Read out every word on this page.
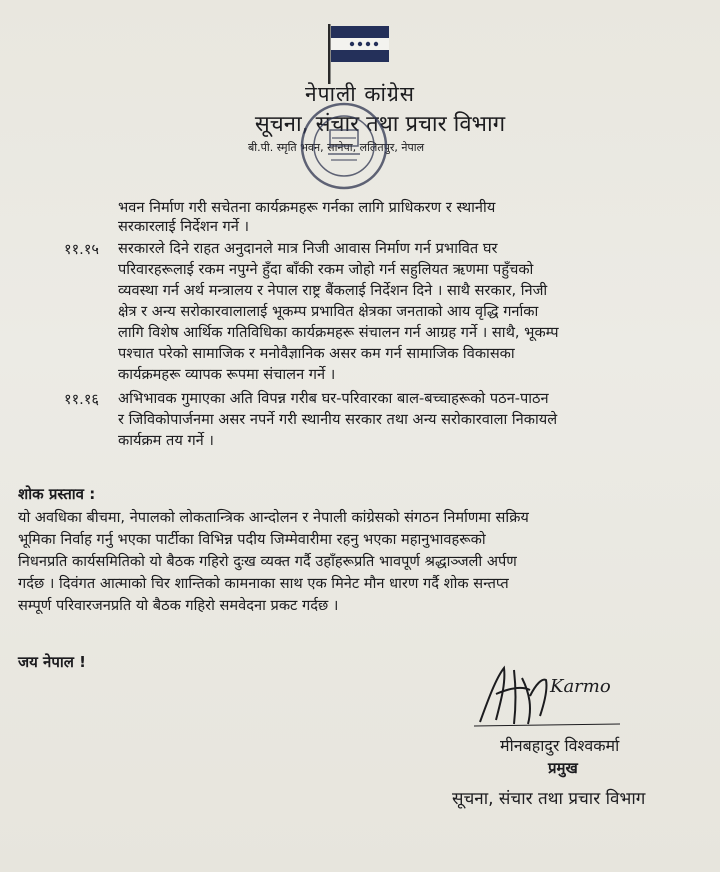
नेपाली कांग्रेस
सूचना, संचार तथा प्रचार विभाग
बी.पी. स्मृति भवन, सानेपा, ललितपुर, नेपाल
भवन निर्माण गरी सचेतना कार्यक्रमहरू गर्नका लागि प्राधिकरण र स्थानीय
सरकारलाई निर्देशन गर्ने ।
११.१५ सरकारले दिने राहत अनुदानले मात्र निजी आवास निर्माण गर्न प्रभावित घर
परिवारहरूलाई रकम नपुग्ने हुँदा बाँकी रकम जोहो गर्न सहुलियत ऋणमा पहुँचको
व्यवस्था गर्न अर्थ मन्त्रालय र नेपाल राष्ट्र बैंकलाई निर्देशन दिने । साथै सरकार, निजी
क्षेत्र र अन्य सरोकारवालालाई भूकम्प प्रभावित क्षेत्रका जनताको आय वृद्धि गर्नाका
लागि विशेष आर्थिक गतिविधिका कार्यक्रमहरू संचालन गर्न आग्रह गर्ने । साथै, भूकम्प
पश्चात परेको सामाजिक र मनोवैज्ञानिक असर कम गर्न सामाजिक विकासका
कार्यक्रमहरू व्यापक रूपमा संचालन गर्ने ।
११.१६ अभिभावक गुमाएका अति विपन्न गरीब घर-परिवारका बाल-बच्चाहरूको पठन-पाठन
र जिविकोपार्जनमा असर नपर्ने गरी स्थानीय सरकार तथा अन्य सरोकारवाला निकायले
कार्यक्रम तय गर्ने ।
शोक प्रस्ताव :
यो अवधिका बीचमा, नेपालको लोकतान्त्रिक आन्दोलन र नेपाली कांग्रेसको संगठन निर्माणमा सक्रिय
भूमिका निर्वाह गर्नु भएका पार्टीका विभिन्न पदीय जिम्मेवारीमा रहनु भएका महानुभावहरूको
निधनप्रति कार्यसमितिको यो बैठक गहिरो दुःख व्यक्त गर्दै उहाँहरूप्रति भावपूर्ण श्रद्धाञ्जली अर्पण
गर्दछ । दिवंगत आत्माको चिर शान्तिको कामनाका साथ एक मिनेट मौन धारण गर्दै शोक सन्तप्त
सम्पूर्ण परिवारजनप्रति यो बैठक गहिरो समवेदना प्रकट गर्दछ ।
जय नेपाल !
Karmo
मीनबहादुर विश्वकर्मा
प्रमुख
सूचना, संचार तथा प्रचार विभाग
